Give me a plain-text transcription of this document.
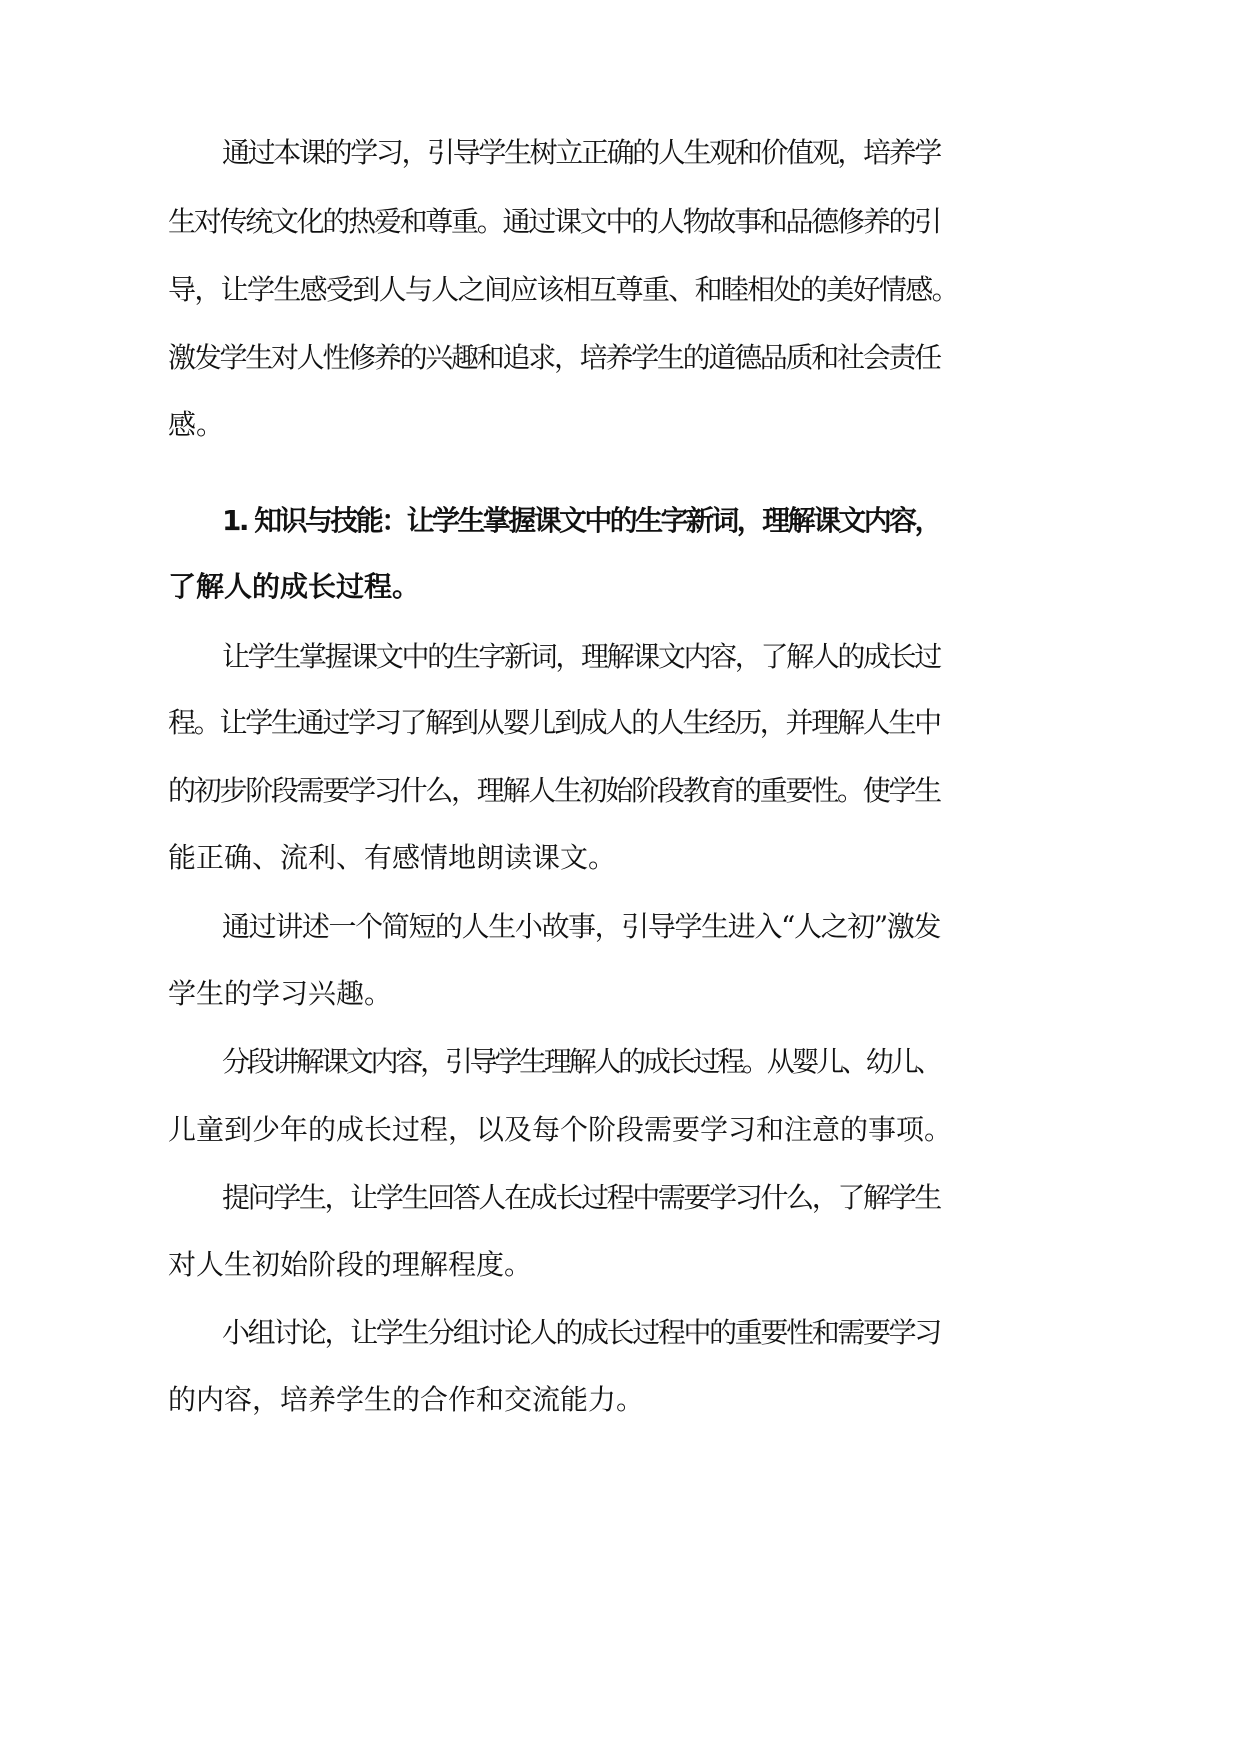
通过本课的学习，引导学生树立正确的人生观和价值观，培养学
生对传统文化的热爱和尊重。通过课文中的人物故事和品德修养的引
导，让学生感受到人与人之间应该相互尊重、和睦相处的美好情感。
激发学生对人性修养的兴趣和追求，培养学生的道德品质和社会责任
感。
1. 知识与技能：让学生掌握课文中的生字新词，理解课文内容，
了解人的成长过程。
让学生掌握课文中的生字新词，理解课文内容，了解人的成长过
程。让学生通过学习了解到从婴儿到成人的人生经历，并理解人生中
的初步阶段需要学习什么，理解人生初始阶段教育的重要性。使学生
能正确、流利、有感情地朗读课文。
通过讲述一个简短的人生小故事，引导学生进入“人之初”激发
学生的学习兴趣。
分段讲解课文内容，引导学生理解人的成长过程。从婴儿、幼儿、
儿童到少年的成长过程，以及每个阶段需要学习和注意的事项。
提问学生，让学生回答人在成长过程中需要学习什么，了解学生
对人生初始阶段的理解程度。
小组讨论，让学生分组讨论人的成长过程中的重要性和需要学习
的内容，培养学生的合作和交流能力。
